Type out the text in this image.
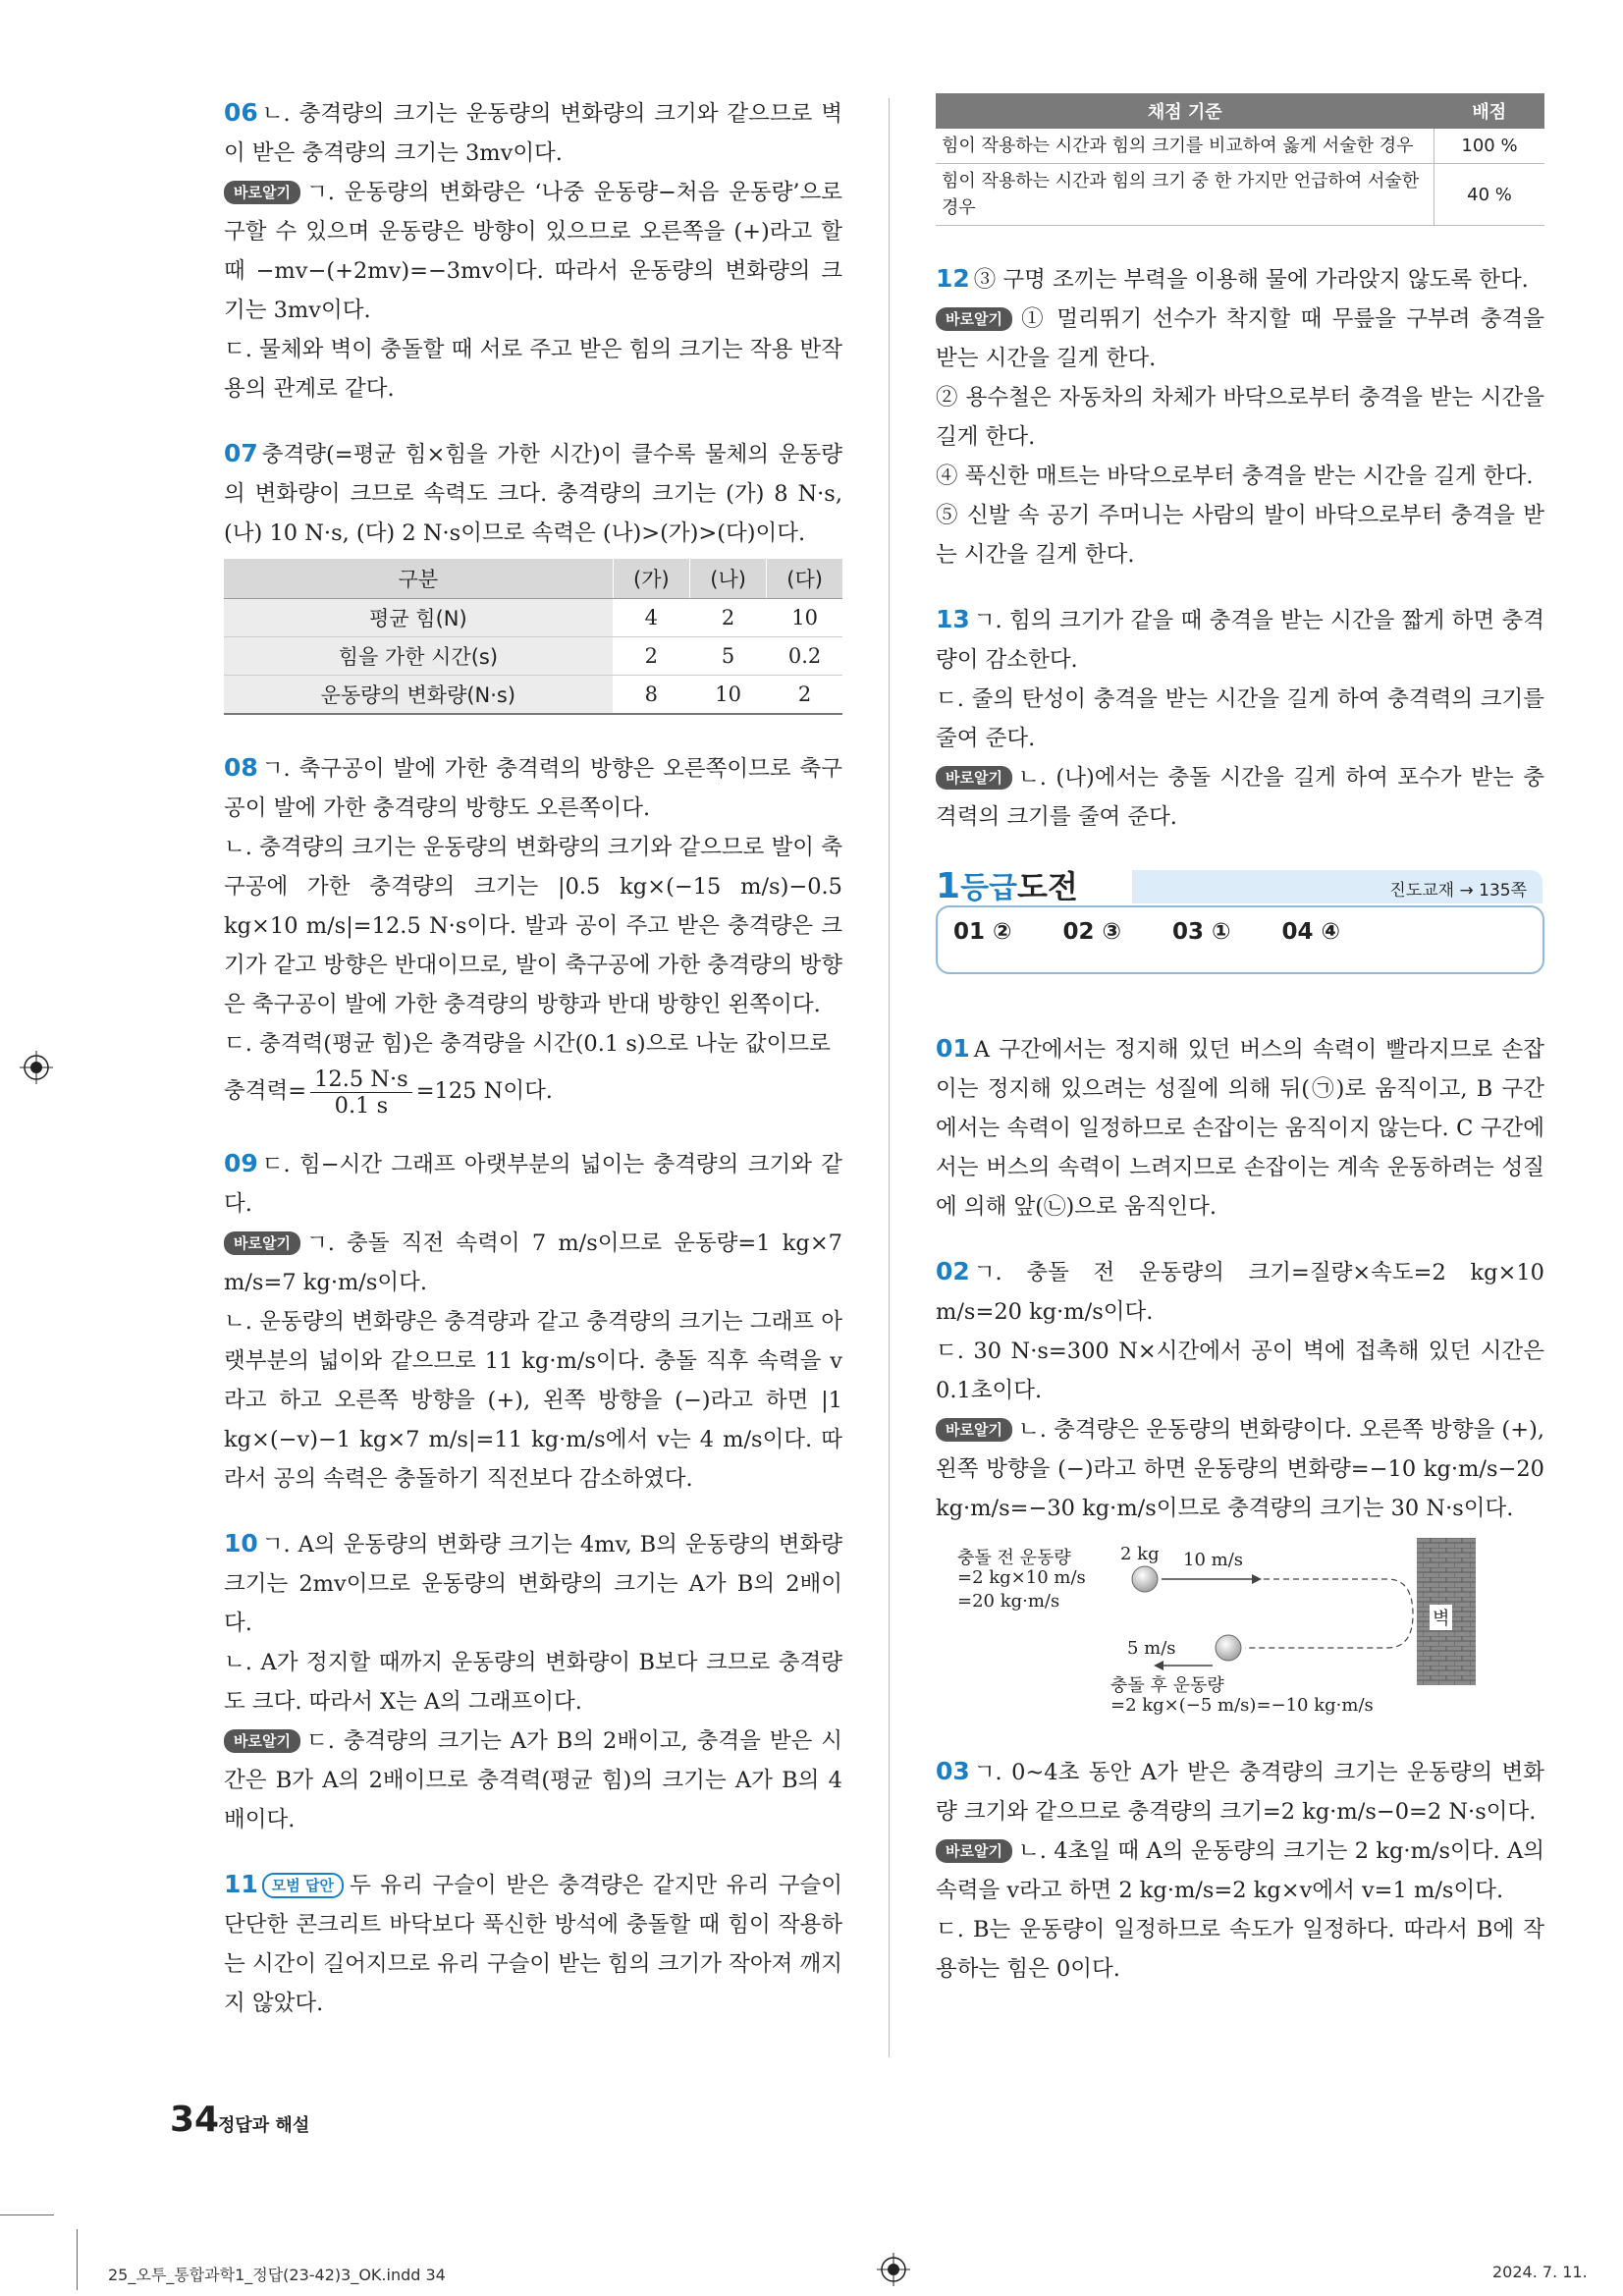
06 ㄴ. 충격량의 크기는 운동량의 변화량의 크기와 같으므로 벽이 받은 충격량의 크기는 3mv이다.

바로알기 ㄱ. 운동량의 변화량은 ‘나중 운동량−처음 운동량’으로 구할 수 있으며 운동량은 방향이 있으므로 오른쪽을 (+)라고 할 때 −mv−(+2mv)=−3mv이다. 따라서 운동량의 변화량의 크기는 3mv이다.

ㄷ. 물체와 벽이 충돌할 때 서로 주고 받은 힘의 크기는 작용 반작용의 관계로 같다.

07 충격량(=평균 힘×힘을 가한 시간)이 클수록 물체의 운동량의 변화량이 크므로 속력도 크다. 충격량의 크기는 (가) 8 N·s, (나) 10 N·s, (다) 2 N·s이므로 속력은 (나)>(가)>(다)이다.

구분	(가)	(나)	(다)
평균 힘(N)	4	2	10
힘을 가한 시간(s)	2	5	0.2
운동량의 변화량(N·s)	8	10	2

08 ㄱ. 축구공이 발에 가한 충격력의 방향은 오른쪽이므로 축구공이 발에 가한 충격량의 방향도 오른쪽이다.

ㄴ. 충격량의 크기는 운동량의 변화량의 크기와 같으므로 발이 축구공에 가한 충격량의 크기는 |0.5 kg×(−15 m/s)−0.5 kg×10 m/s|=12.5 N·s이다. 발과 공이 주고 받은 충격량은 크기가 같고 방향은 반대이므로, 발이 축구공에 가한 충격량의 방향은 축구공이 발에 가한 충격량의 방향과 반대 방향인 왼쪽이다.

ㄷ. 충격력(평균 힘)은 충격량을 시간(0.1 s)으로 나눈 값이므로

충격력= $\frac{12.5 N\cdot s}{0.1 s} =125$ N이다.

09 ㄷ. 힘−시간 그래프 아랫부분의 넓이는 충격량의 크기와 같다.

바로알기 ㄱ. 충돌 직전 속력이 7 m/s이므로 운동량=1 kg×7 m/s=7 kg·m/s이다.

ㄴ. 운동량의 변화량은 충격량과 같고 충격량의 크기는 그래프 아랫부분의 넓이와 같으므로 11 kg·m/s이다. 충돌 직후 속력을 v라고 하고 오른쪽 방향을 (+), 왼쪽 방향을 (−)라고 하면 |1 kg×(−v)−1 kg×7 m/s|=11 kg·m/s에서 v는 4 m/s이다. 따라서 공의 속력은 충돌하기 직전보다 감소하였다.

10 ㄱ. A의 운동량의 변화량 크기는 4mv, B의 운동량의 변화량 크기는 2mv이므로 운동량의 변화량의 크기는 A가 B의 2배이다.

ㄴ. A가 정지할 때까지 운동량의 변화량이 B보다 크므로 충격량도 크다. 따라서 X는 A의 그래프이다.

바로알기 ㄷ. 충격량의 크기는 A가 B의 2배이고, 충격을 받은 시간은 B가 A의 2배이므로 충격력(평균 힘)의 크기는 A가 B의 4배이다.

11 모범 답안 두 유리 구슬이 받은 충격량은 같지만 유리 구슬이 단단한 콘크리트 바닥보다 푹신한 방석에 충돌할 때 힘이 작용하는 시간이 길어지므로 유리 구슬이 받는 힘의 크기가 작아져 깨지지 않았다.

채점 기준	배점
힘이 작용하는 시간과 힘의 크기를 비교하여 옳게 서술한 경우	100 %
힘이 작용하는 시간과 힘의 크기 중 한 가지만 언급하여 서술한 경우	40 %

12 ③ 구명 조끼는 부력을 이용해 물에 가라앉지 않도록 한다.

바로알기 ① 멀리뛰기 선수가 착지할 때 무릎을 구부려 충격을 받는 시간을 길게 한다.

② 용수철은 자동차의 차체가 바닥으로부터 충격을 받는 시간을 길게 한다.

④ 푹신한 매트는 바닥으로부터 충격을 받는 시간을 길게 한다.

⑤ 신발 속 공기 주머니는 사람의 발이 바닥으로부터 충격을 받는 시간을 길게 한다.

13 ㄱ. 힘의 크기가 같을 때 충격을 받는 시간을 짧게 하면 충격량이 감소한다.

ㄷ. 줄의 탄성이 충격을 받는 시간을 길게 하여 충격력의 크기를 줄여 준다.

바로알기 ㄴ. (나)에서는 충돌 시간을 길게 하여 포수가 받는 충격력의 크기를 줄여 준다.

진도교재 → 135쪽
1등급도전
01 ② 02 ③ 03 ① 04 ④

01 A 구간에서는 정지해 있던 버스의 속력이 빨라지므로 손잡이는 정지해 있으려는 성질에 의해 뒤(㉠)로 움직이고, B 구간에서는 속력이 일정하므로 손잡이는 움직이지 않는다. C 구간에서는 버스의 속력이 느려지므로 손잡이는 계속 운동하려는 성질에 의해 앞(㉡)으로 움직인다.

02 ㄱ. 충돌 전 운동량의 크기=질량×속도=2 kg×10 m/s=20 kg·m/s이다.

ㄷ. 30 N·s=300 N×시간에서 공이 벽에 접촉해 있던 시간은 0.1초이다.

바로알기 ㄴ. 충격량은 운동량의 변화량이다. 오른쪽 방향을 (+), 왼쪽 방향을 (−)라고 하면 운동량의 변화량=−10 kg·m/s−20 kg·m/s=−30 kg·m/s이므로 충격량의 크기는 30 N·s이다.

충돌 전 운동량
=2 kg×10 m/s
=20 kg·m/s
2 kg 10 m/s
5 m/s
충돌 후 운동량
=2 kg×(−5 m/s)=−10 kg·m/s
벽

03 ㄱ. 0~4초 동안 A가 받은 충격량의 크기는 운동량의 변화량 크기와 같으므로 충격량의 크기=2 kg·m/s−0=2 N·s이다.

바로알기 ㄴ. 4초일 때 A의 운동량의 크기는 2 kg·m/s이다. A의 속력을 v라고 하면 2 kg·m/s=2 kg×v에서 v=1 m/s이다.

ㄷ. B는 운동량이 일정하므로 속도가 일정하다. 따라서 B에 작용하는 힘은 0이다.

34
정답과 해설
25_오투_통합과학1_정답(23-42)3_OK.indd 34	2024. 7. 11.
